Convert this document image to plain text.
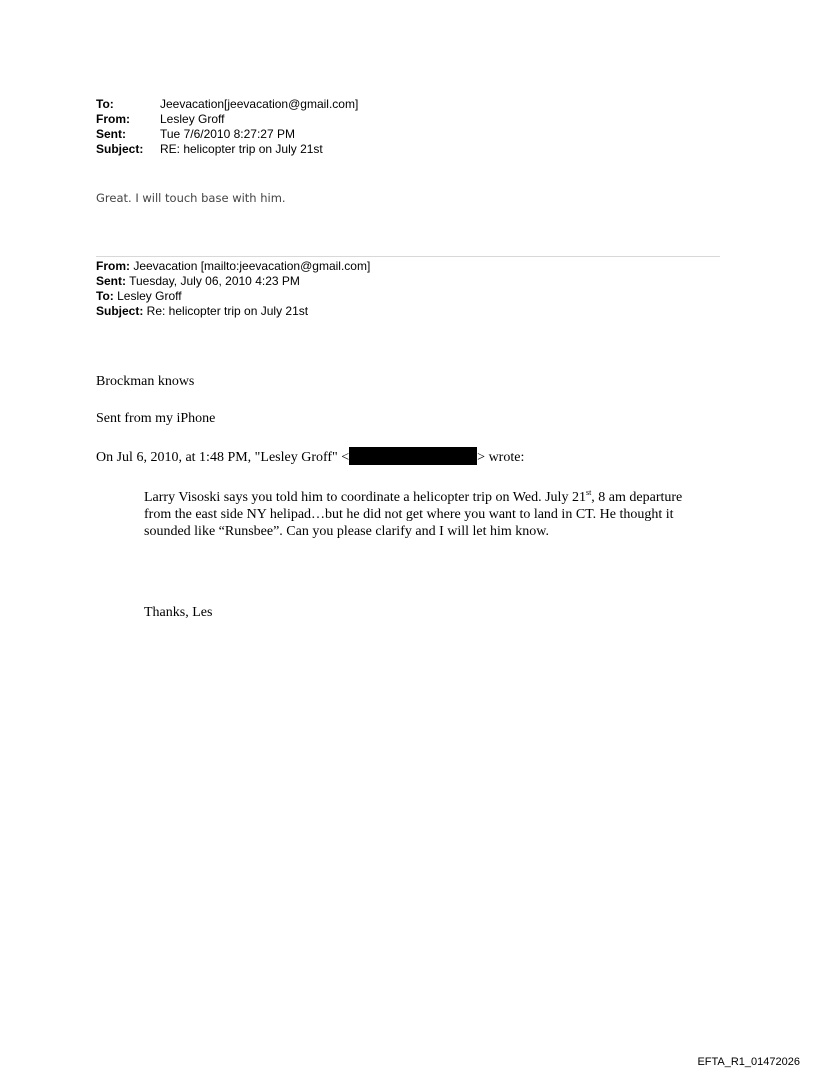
To:	Jeevacation[jeevacation@gmail.com]
From:	Lesley Groff
Sent:	Tue 7/6/2010 8:27:27 PM
Subject:	RE: helicopter trip on July 21st
Great. I will touch base with him.
From: Jeevacation [mailto:jeevacation@gmail.com]
Sent: Tuesday, July 06, 2010 4:23 PM
To: Lesley Groff
Subject: Re: helicopter trip on July 21st
Brockman knows
Sent from my iPhone
On Jul 6, 2010, at 1:48 PM, "Lesley Groff" <	> wrote:
Larry Visoski says you told him to coordinate a helicopter trip on Wed. July 21st, 8 am departure from the east side NY helipad…but he did not get where you want to land in CT. He thought it sounded like “Runsbee”. Can you please clarify and I will let him know.
Thanks, Les
EFTA_R1_01472026
